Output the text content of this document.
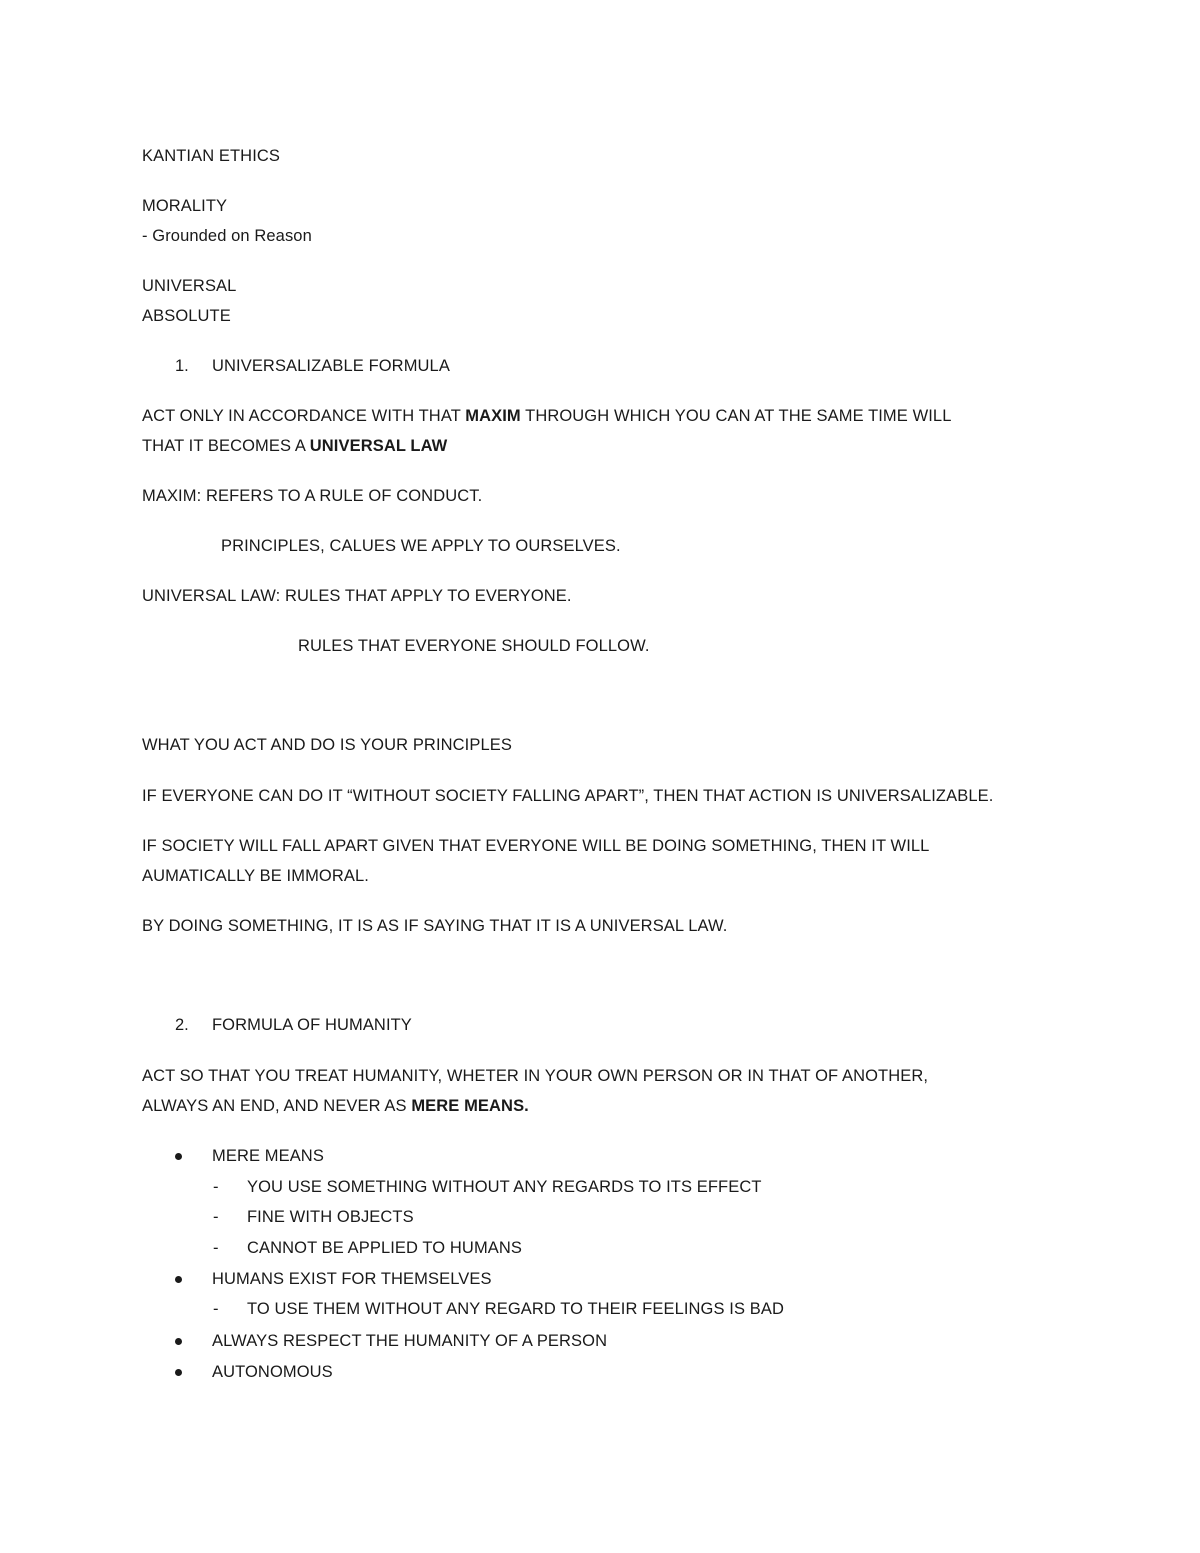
KANTIAN ETHICS
MORALITY
- Grounded on Reason
UNIVERSAL
ABSOLUTE
1. UNIVERSALIZABLE FORMULA
ACT ONLY IN ACCORDANCE WITH THAT MAXIM THROUGH WHICH YOU CAN AT THE SAME TIME WILL
THAT IT BECOMES A UNIVERSAL LAW
MAXIM: REFERS TO A RULE OF CONDUCT.
PRINCIPLES, CALUES WE APPLY TO OURSELVES.
UNIVERSAL LAW: RULES THAT APPLY TO EVERYONE.
RULES THAT EVERYONE SHOULD FOLLOW.
WHAT YOU ACT AND DO IS YOUR PRINCIPLES
IF EVERYONE CAN DO IT “WITHOUT SOCIETY FALLING APART”, THEN THAT ACTION IS UNIVERSALIZABLE.
IF SOCIETY WILL FALL APART GIVEN THAT EVERYONE WILL BE DOING SOMETHING, THEN IT WILL
AUMATICALLY BE IMMORAL.
BY DOING SOMETHING, IT IS AS IF SAYING THAT IT IS A UNIVERSAL LAW.
2. FORMULA OF HUMANITY
ACT SO THAT YOU TREAT HUMANITY, WHETER IN YOUR OWN PERSON OR IN THAT OF ANOTHER,
ALWAYS AN END, AND NEVER AS MERE MEANS.
MERE MEANS
- YOU USE SOMETHING WITHOUT ANY REGARDS TO ITS EFFECT
- FINE WITH OBJECTS
- CANNOT BE APPLIED TO HUMANS
HUMANS EXIST FOR THEMSELVES
- TO USE THEM WITHOUT ANY REGARD TO THEIR FEELINGS IS BAD
ALWAYS RESPECT THE HUMANITY OF A PERSON
AUTONOMOUS
